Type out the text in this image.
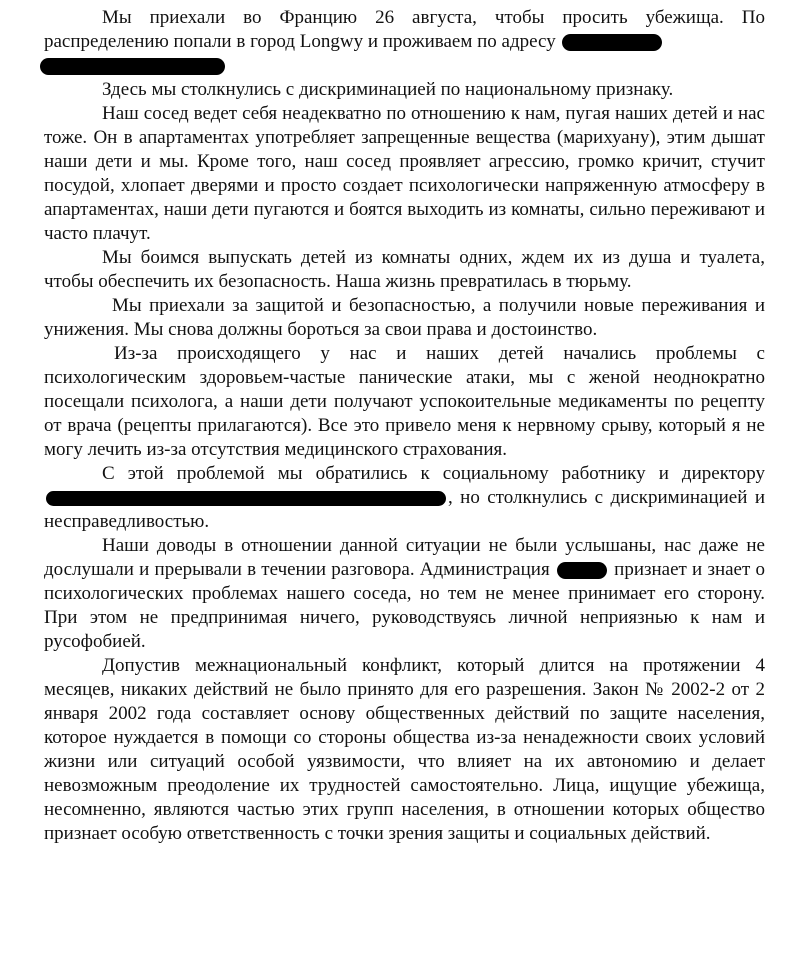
Мы приехали во Францию 26 августа, чтобы просить убежища. По распределению попали в город Longwy и проживаем по адресу

Здесь мы столкнулись с дискриминацией по национальному признаку.

Наш сосед ведет себя неадекватно по отношению к нам, пугая наших детей и нас тоже. Он в апартаментах употребляет запрещенные вещества (марихуану), этим дышат наши дети и мы. Кроме того, наш сосед проявляет агрессию, громко кричит, стучит посудой, хлопает дверями и просто создает психологически напряженную атмосферу в апартаментах, наши дети пугаются и боятся выходить из комнаты, сильно переживают и часто плачут.

Мы боимся выпускать детей из комнаты одних, ждем их из душа и туалета, чтобы обеспечить их безопасность. Наша жизнь превратилась в тюрьму.

Мы приехали за защитой и безопасностью, а получили новые переживания и унижения. Мы снова должны бороться за свои права и достоинство.

Из-за происходящего у нас и наших детей начались проблемы с психологическим здоровьем-частые панические атаки, мы с женой неоднократно посещали психолога, а наши дети получают успокоительные медикаменты по рецепту от врача (рецепты прилагаются). Все это привело меня к нервному срыву, который я не могу лечить из-за отсутствия медицинского страхования.

С этой проблемой мы обратились к социальному работнику и директору , но столкнулись с дискриминацией и несправедливостью.

Наши доводы в отношении данной ситуации не были услышаны, нас даже не дослушали и прерывали в течении разговора. Администрация	признает и знает о психологических проблемах нашего соседа, но тем не менее принимает его сторону. При этом не предпринимая ничего, руководствуясь личной неприязнью к нам и русофобией.

Допустив межнациональный конфликт, который длится на протяжении 4 месяцев, никаких действий не было принято для его разрешения. Закон № 2002-2 от 2 января 2002 года составляет основу общественных действий по защите населения, которое нуждается в помощи со стороны общества из-за ненадежности своих условий жизни или ситуаций особой уязвимости, что влияет на их автономию и делает невозможным преодоление их трудностей самостоятельно. Лица, ищущие убежища, несомненно, являются частью этих групп населения, в отношении которых общество признает особую ответственность с точки зрения защиты и социальных действий.
